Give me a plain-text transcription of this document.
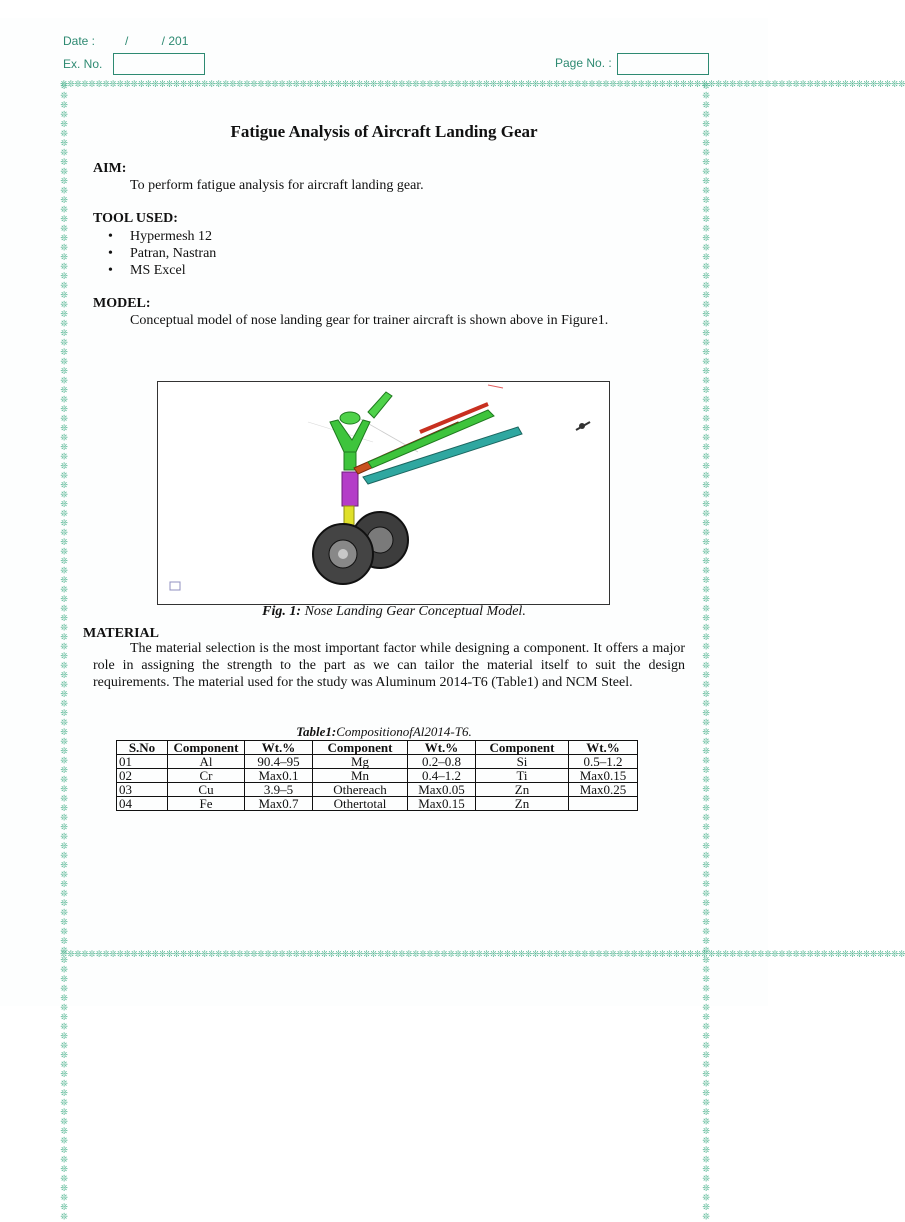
Date : /          / 201
Ex. No.	Page No. :
❊❊❊❊❊❊❊❊❊❊❊❊❊❊❊❊❊❊❊❊❊❊❊❊❊❊❊❊❊❊❊❊❊❊❊❊❊❊❊❊❊❊❊❊❊❊❊❊❊❊❊❊❊❊❊❊❊❊❊❊❊❊❊❊❊❊❊❊❊❊❊❊❊❊❊❊❊❊❊❊❊❊❊❊❊❊❊❊❊❊❊❊❊❊❊❊❊❊❊❊❊❊❊❊❊❊❊❊❊❊❊❊❊❊❊❊❊❊❊❊
❊❊❊❊❊❊❊❊❊❊❊❊❊❊❊❊❊❊❊❊❊❊❊❊❊❊❊❊❊❊❊❊❊❊❊❊❊❊❊❊❊❊❊❊❊❊❊❊❊❊❊❊❊❊❊❊❊❊❊❊❊❊❊❊❊❊❊❊❊❊❊❊❊❊❊❊❊❊❊❊❊❊❊❊❊❊❊❊❊❊❊❊❊❊❊❊❊❊❊❊❊❊❊❊❊❊❊❊❊❊❊❊❊❊❊❊❊❊❊❊
❊❊❊❊❊❊❊❊❊❊❊❊❊❊❊❊❊❊❊❊❊❊❊❊❊❊❊❊❊❊❊❊❊❊❊❊❊❊❊❊❊❊❊❊❊❊❊❊❊❊❊❊❊❊❊❊❊❊❊❊❊❊❊❊❊❊❊❊❊❊❊❊❊❊❊❊❊❊❊❊❊❊❊❊❊❊❊❊❊❊❊❊❊❊❊❊❊❊❊❊❊❊❊❊❊❊❊❊❊❊❊❊❊❊❊❊❊❊❊❊	❊❊❊❊❊❊❊❊❊❊❊❊❊❊❊❊❊❊❊❊❊❊❊❊❊❊❊❊❊❊❊❊❊❊❊❊❊❊❊❊❊❊❊❊❊❊❊❊❊❊❊❊❊❊❊❊❊❊❊❊❊❊❊❊❊❊❊❊❊❊❊❊❊❊❊❊❊❊❊❊❊❊❊❊❊❊❊❊❊❊❊❊❊❊❊❊❊❊❊❊❊❊❊❊❊❊❊❊❊❊❊❊❊❊❊❊❊❊❊❊
Fatigue Analysis of Aircraft Landing Gear
AIM:
To perform fatigue analysis for aircraft landing gear.
TOOL USED:
• Hypermesh 12
• Patran, Nastran
• MS Excel
MODEL:
Conceptual model of nose landing gear for trainer aircraft is shown above in Figure1.
Fig. 1: Nose Landing Gear Conceptual Model.
MATERIAL
The material selection is the most important factor while designing a component. It offers a major role in assigning the strength to the part as we can tailor the material itself to suit the design requirements. The material used for the study was Aluminum 2014-T6 (Table1) and NCM Steel.
Table1:CompositionofAl2014-T6.
S.No	Component	Wt.%	Component	Wt.%	Component	Wt.%
01	Al	90.4–95	Mg	0.2–0.8	Si	0.5–1.2
02	Cr	Max0.1	Mn	0.4–1.2	Ti	Max0.15
03	Cu	3.9–5	Othereach	Max0.05	Zn	Max0.25
04	Fe	Max0.7	Othertotal	Max0.15	Zn	
